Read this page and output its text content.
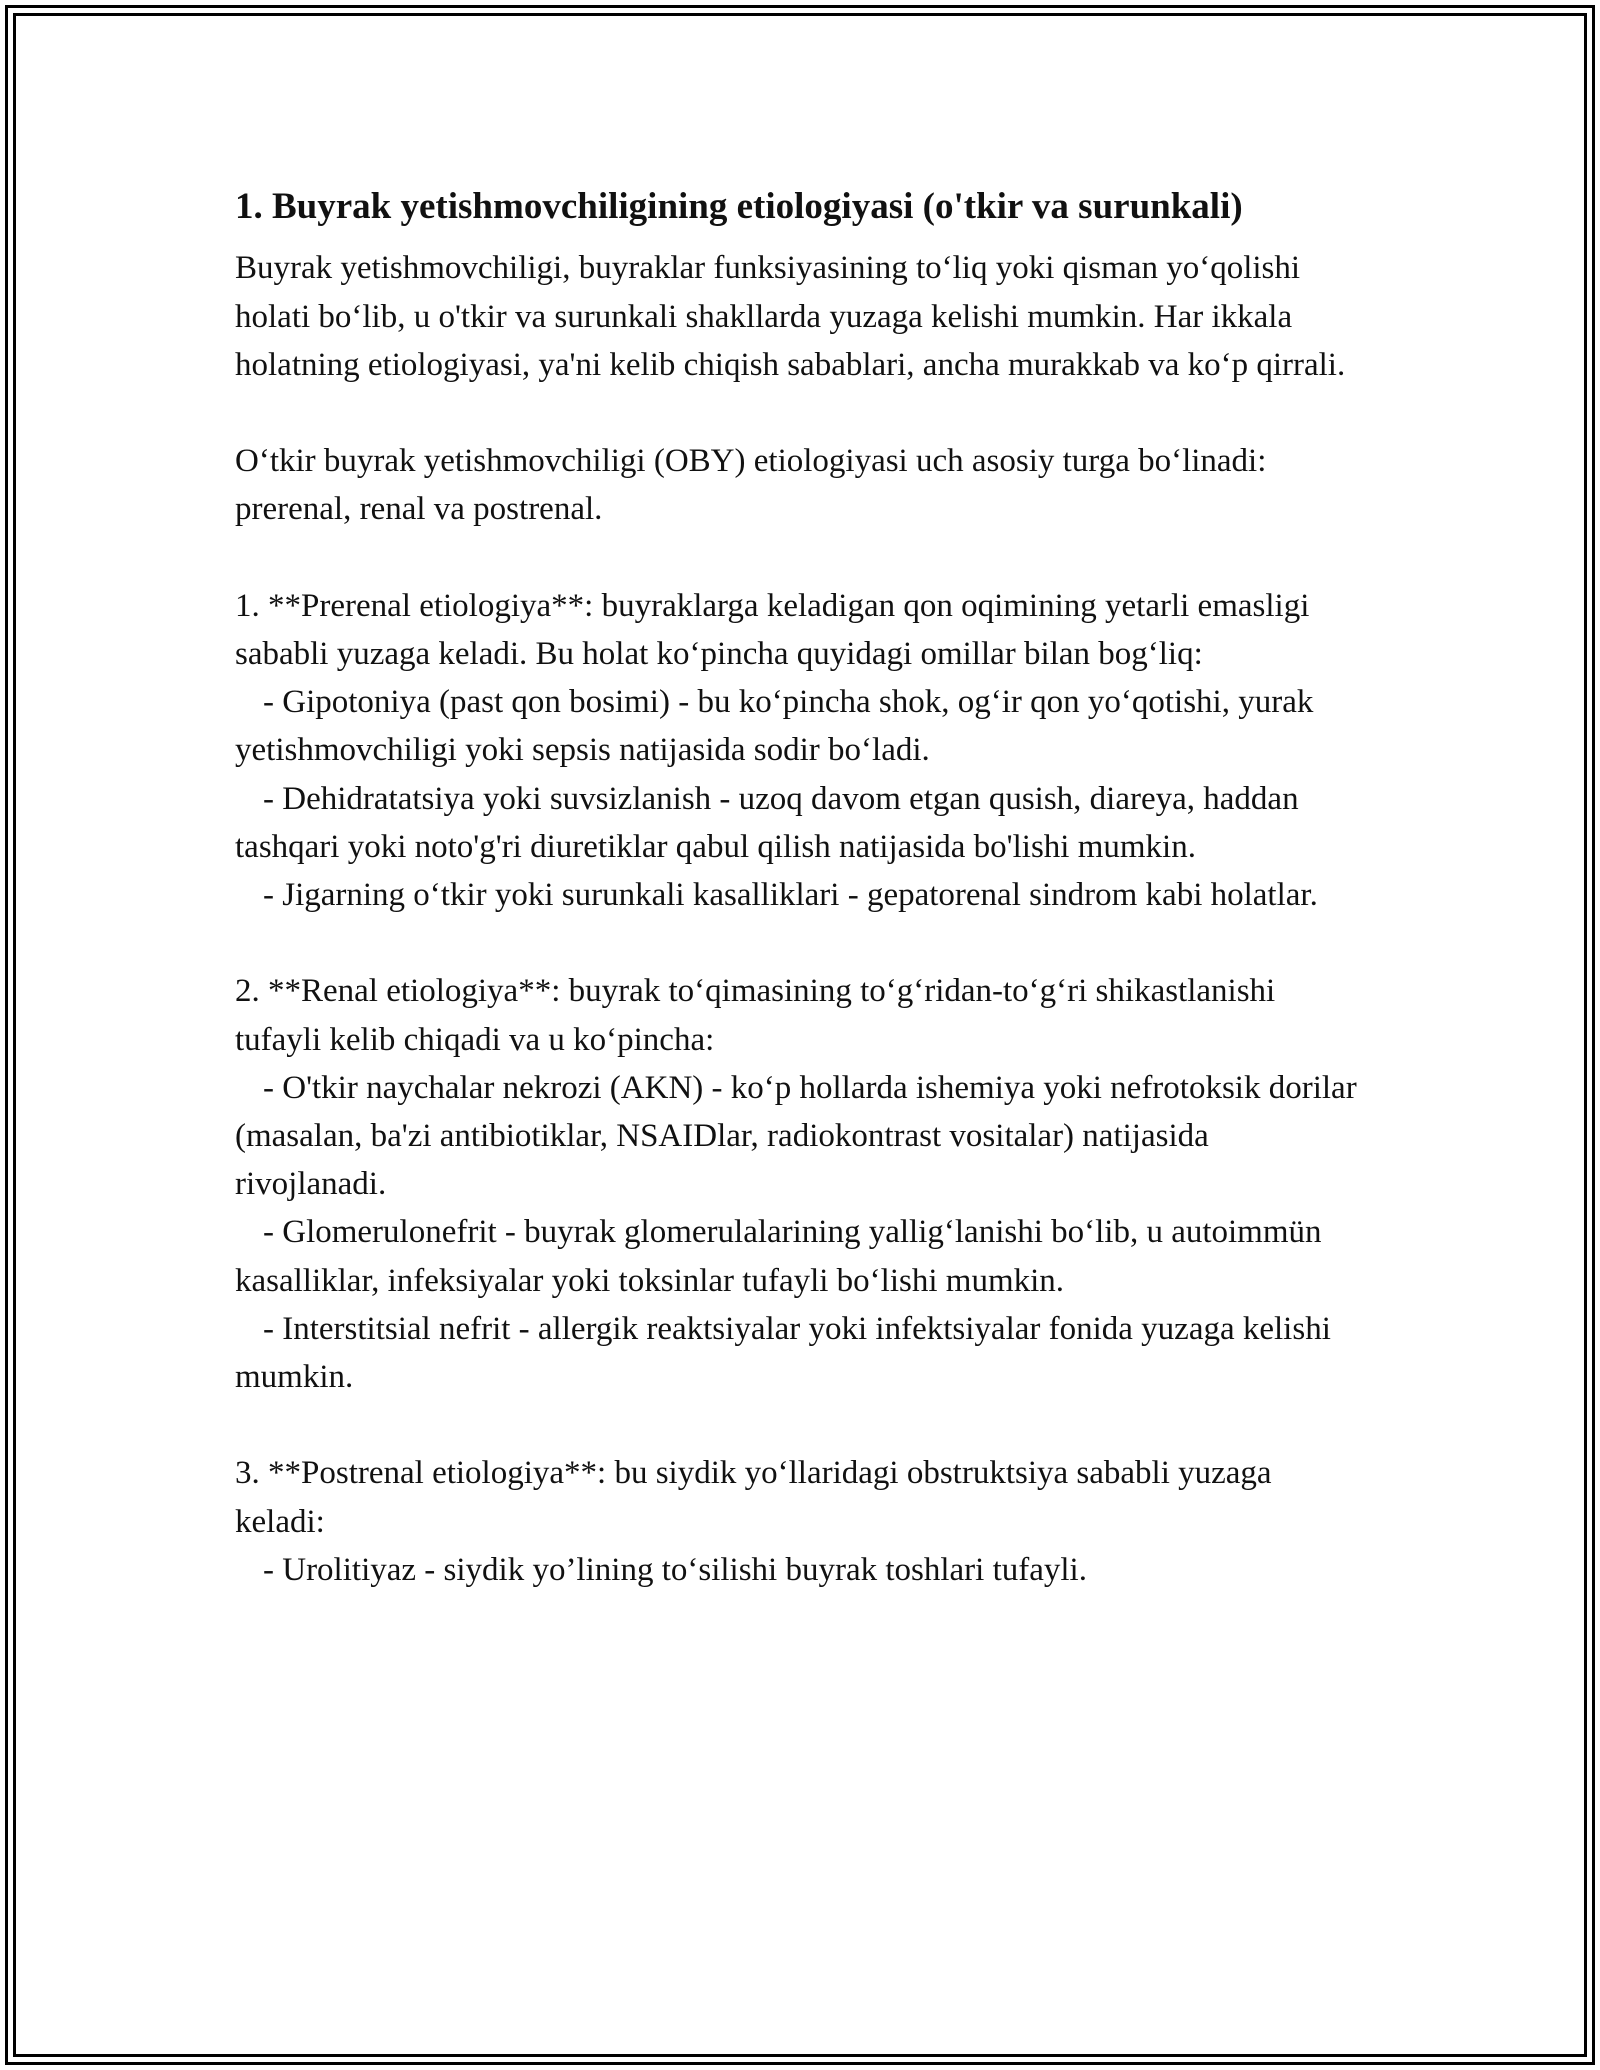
1. Buyrak yetishmovchiligining etiologiyasi (o'tkir va surunkali)

Buyrak yetishmovchiligi, buyraklar funksiyasining to‘liq yoki qisman yo‘qolishi holati bo‘lib, u o'tkir va surunkali shakllarda yuzaga kelishi mumkin. Har ikkala holatning etiologiyasi, ya'ni kelib chiqish sabablari, ancha murakkab va ko‘p qirrali.

O‘tkir buyrak yetishmovchiligi (OBY) etiologiyasi uch asosiy turga bo‘linadi: prerenal, renal va postrenal.

1. **Prerenal etiologiya**: buyraklarga keladigan qon oqimining yetarli emasligi sababli yuzaga keladi. Bu holat ko‘pincha quyidagi omillar bilan bog‘liq:

- Gipotoniya (past qon bosimi) - bu ko‘pincha shok, og‘ir qon yo‘qotishi, yurak yetishmovchiligi yoki sepsis natijasida sodir bo‘ladi.

- Dehidratatsiya yoki suvsizlanish - uzoq davom etgan qusish, diareya, haddan tashqari yoki noto'g'ri diuretiklar qabul qilish natijasida bo'lishi mumkin.

- Jigarning o‘tkir yoki surunkali kasalliklari - gepatorenal sindrom kabi holatlar.

2. **Renal etiologiya**: buyrak to‘qimasining to‘g‘ridan-to‘g‘ri shikastlanishi tufayli kelib chiqadi va u ko‘pincha:

- O'tkir naychalar nekrozi (AKN) - ko‘p hollarda ishemiya yoki nefrotoksik dorilar (masalan, ba'zi antibiotiklar, NSAIDlar, radiokontrast vositalar) natijasida rivojlanadi.

- Glomerulonefrit - buyrak glomerulalarining yallig‘lanishi bo‘lib, u autoimmün kasalliklar, infeksiyalar yoki toksinlar tufayli bo‘lishi mumkin.

- Interstitsial nefrit - allergik reaktsiyalar yoki infektsiyalar fonida yuzaga kelishi mumkin.

3. **Postrenal etiologiya**: bu siydik yo‘llaridagi obstruktsiya sababli yuzaga keladi:

- Urolitiyaz - siydik yo’lining to‘silishi buyrak toshlari tufayli.
